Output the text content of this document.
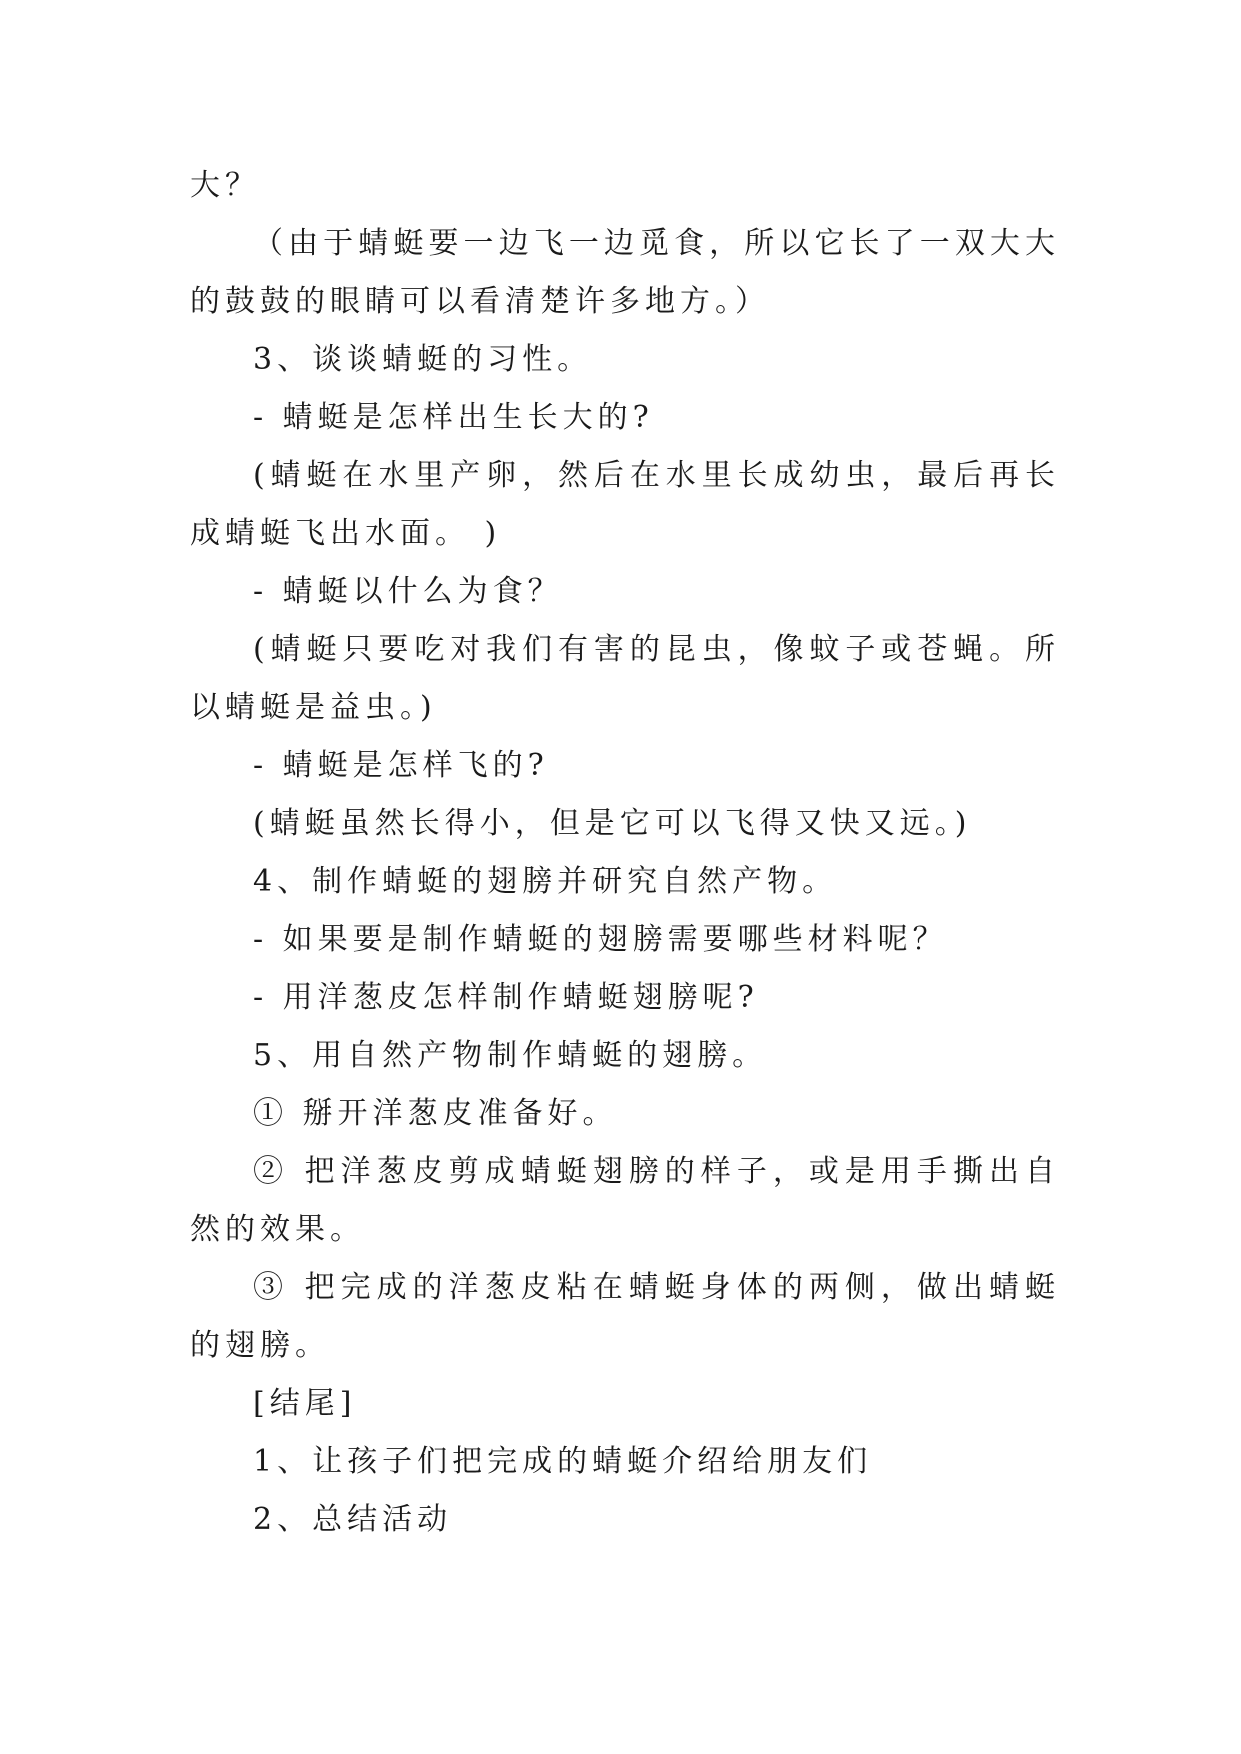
大？

（由于蜻蜓要一边飞一边觅食，所以它长了一双大大的鼓鼓的眼睛可以看清楚许多地方。）

3、谈谈蜻蜓的习性。

- 蜻蜓是怎样出生长大的?

(蜻蜓在水里产卵，然后在水里长成幼虫，最后再长成蜻蜓飞出水面。 )

- 蜻蜓以什么为食？

(蜻蜓只要吃对我们有害的昆虫，像蚊子或苍蝇。所以蜻蜓是益虫。)

- 蜻蜓是怎样飞的?

(蜻蜓虽然长得小，但是它可以飞得又快又远。)

4、制作蜻蜓的翅膀并研究自然产物。

- 如果要是制作蜻蜓的翅膀需要哪些材料呢？

- 用洋葱皮怎样制作蜻蜓翅膀呢?

5、用自然产物制作蜻蜓的翅膀。

① 掰开洋葱皮准备好。

② 把洋葱皮剪成蜻蜓翅膀的样子，或是用手撕出自然的效果。

③ 把完成的洋葱皮粘在蜻蜓身体的两侧，做出蜻蜓的翅膀。

[结尾]

1、让孩子们把完成的蜻蜓介绍给朋友们

2、总结活动
